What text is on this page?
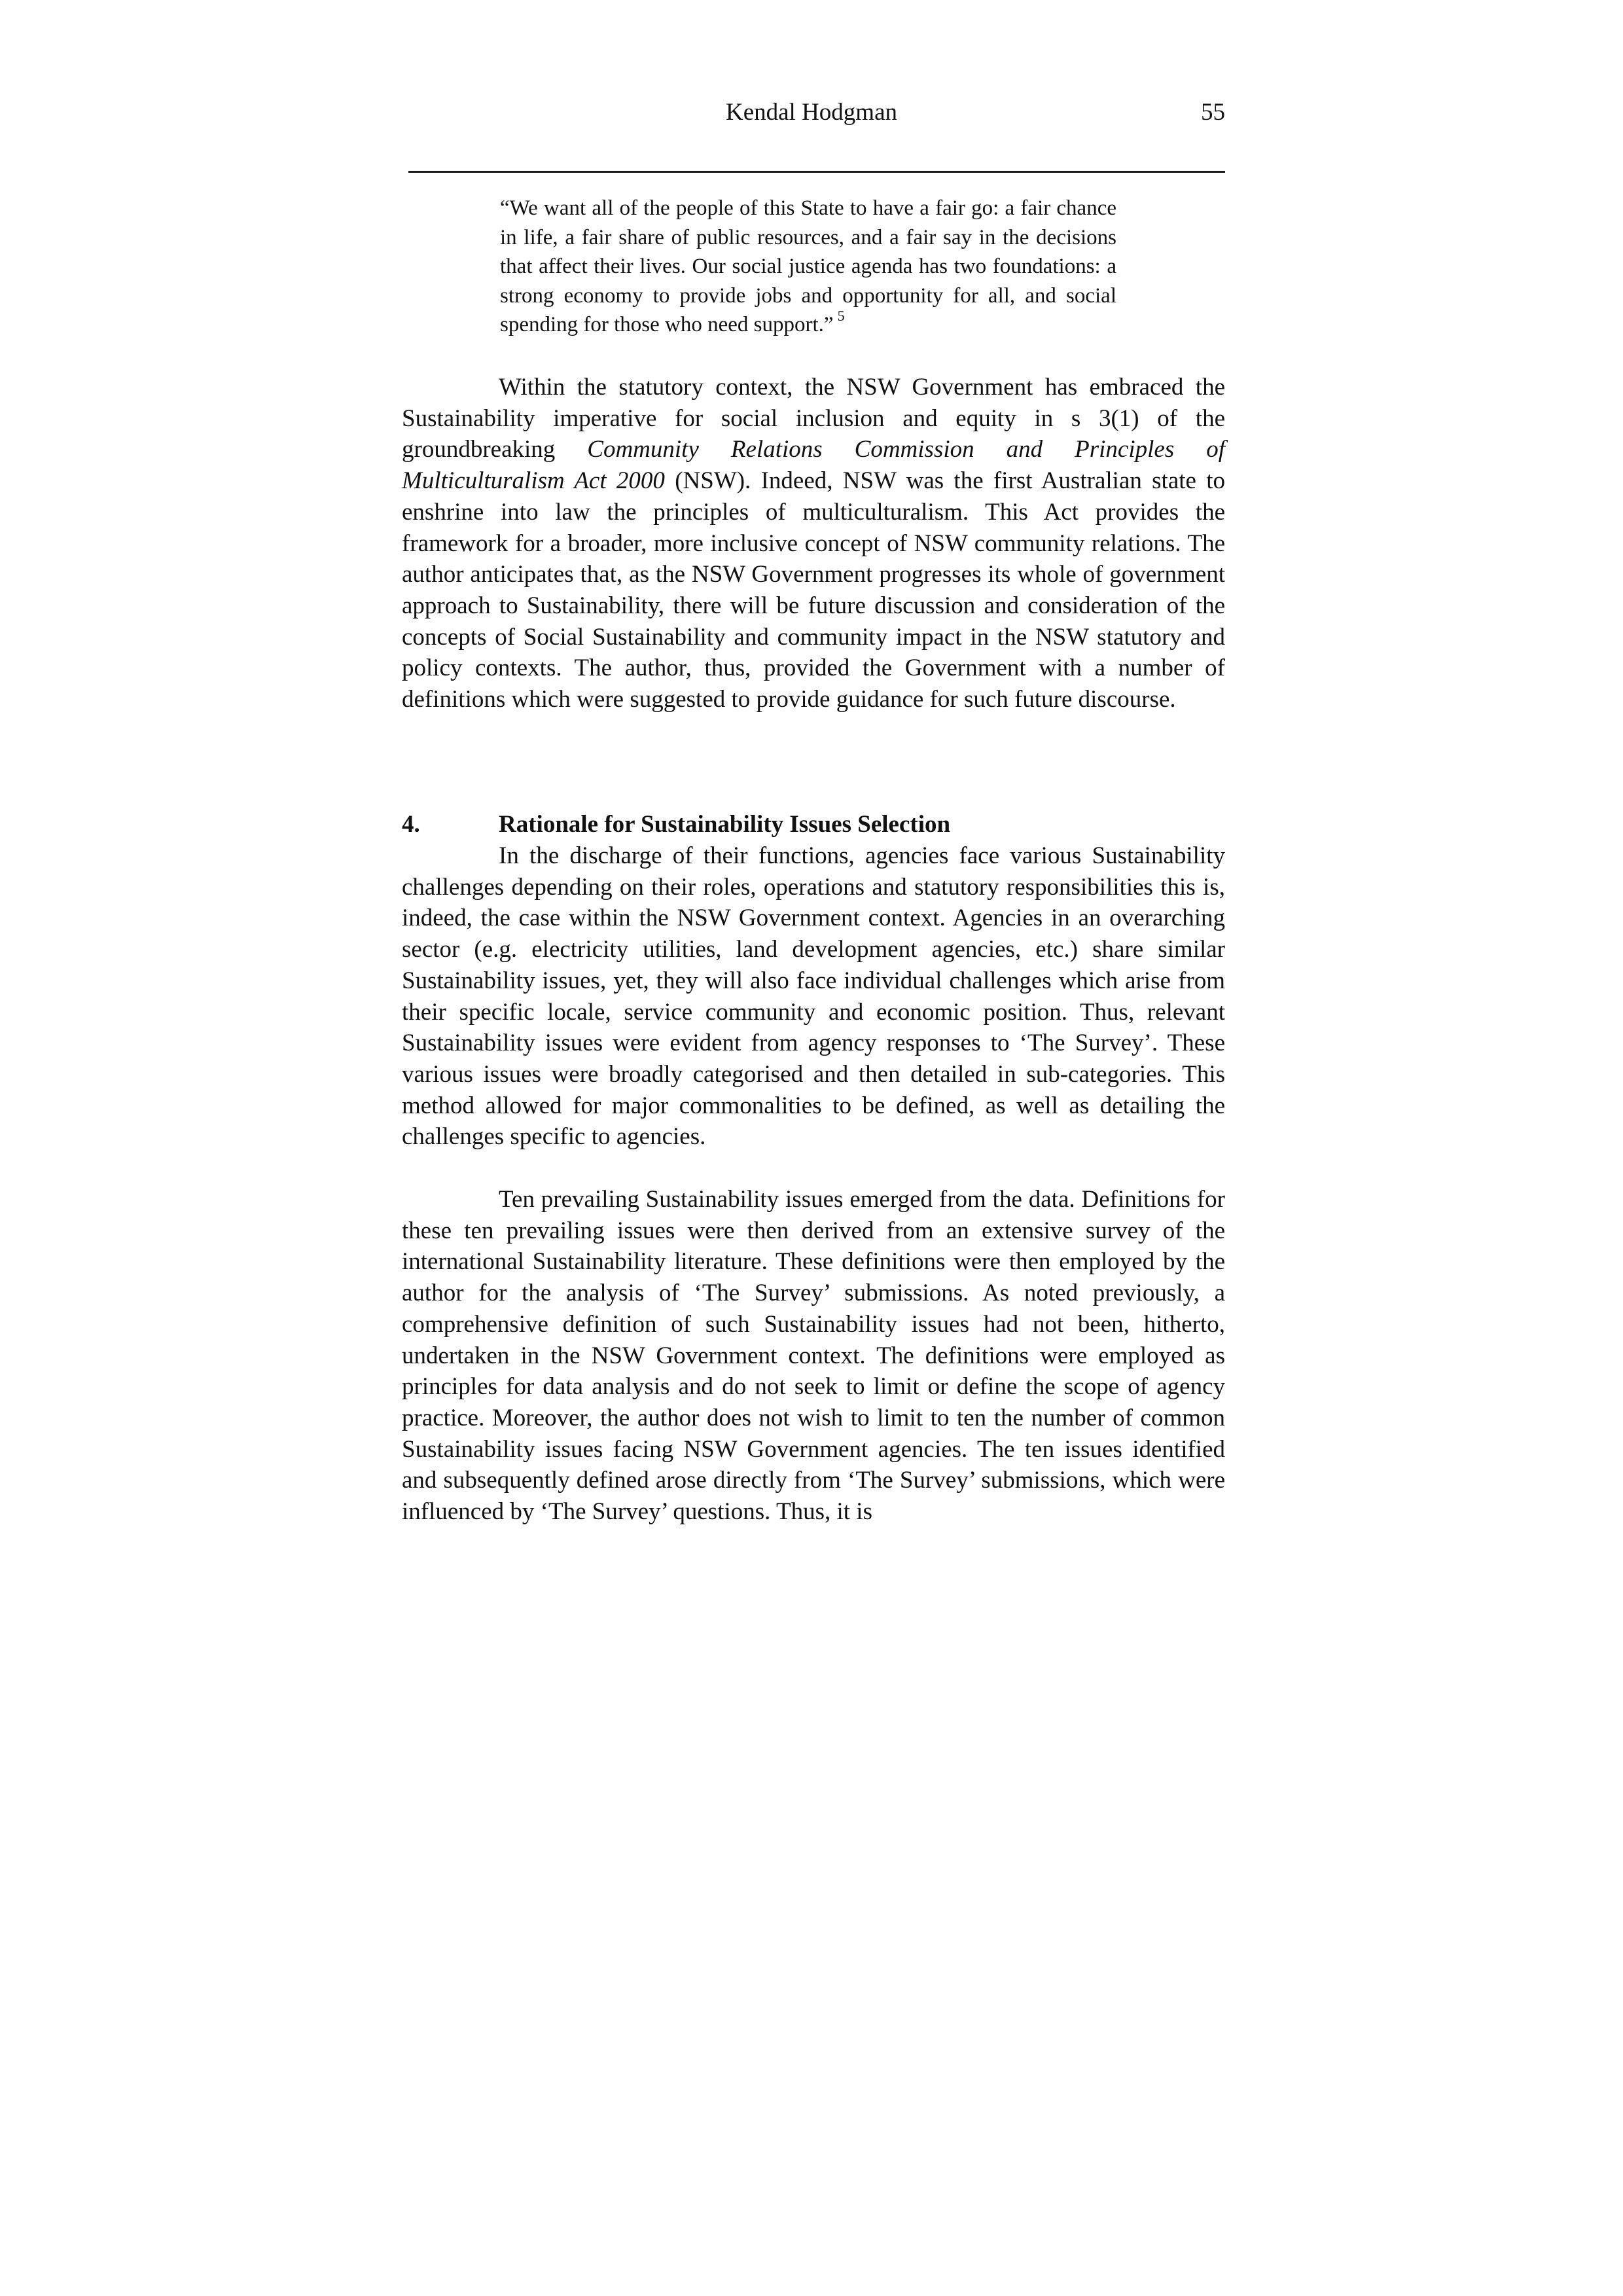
Kendal Hodgman	55

“We want all of the people of this State to have a fair go: a fair chance in life, a fair share of public resources, and a fair say in the decisions that affect their lives. Our social justice agenda has two foundations: a strong economy to provide jobs and opportunity for all, and social spending for those who need support.” $^5$

Within the statutory context, the NSW Government has embraced the Sustainability imperative for social inclusion and equity in s 3(1) of the groundbreaking Community Relations Commission and Principles of Multiculturalism Act 2000 (NSW). Indeed, NSW was the first Australian state to enshrine into law the principles of multiculturalism. This Act provides the framework for a broader, more inclusive concept of NSW community relations. The author anticipates that, as the NSW Government progresses its whole of government approach to Sustainability, there will be future discussion and consideration of the concepts of Social Sustainability and community impact in the NSW statutory and policy contexts. The author, thus, provided the Government with a number of definitions which were suggested to provide guidance for such future discourse.

4.	Rationale for Sustainability Issues Selection

In the discharge of their functions, agencies face various Sustainability challenges depending on their roles, operations and statutory responsibilities this is, indeed, the case within the NSW Government context. Agencies in an overarching sector (e.g. electricity utilities, land development agencies, etc.) share similar Sustainability issues, yet, they will also face individual challenges which arise from their specific locale, service community and economic position. Thus, relevant Sustainability issues were evident from agency responses to ‘The Survey’. These various issues were broadly categorised and then detailed in sub-categories. This method allowed for major commonalities to be defined, as well as detailing the challenges specific to agencies.

Ten prevailing Sustainability issues emerged from the data. Definitions for these ten prevailing issues were then derived from an extensive survey of the international Sustainability literature. These definitions were then employed by the author for the analysis of ‘The Survey’ submissions. As noted previously, a comprehensive definition of such Sustainability issues had not been, hitherto, undertaken in the NSW Government context. The definitions were employed as principles for data analysis and do not seek to limit or define the scope of agency practice. Moreover, the author does not wish to limit to ten the number of common Sustainability issues facing NSW Government agencies. The ten issues identified and subsequently defined arose directly from ‘The Survey’ submissions, which were influenced by ‘The Survey’ questions. Thus, it is
